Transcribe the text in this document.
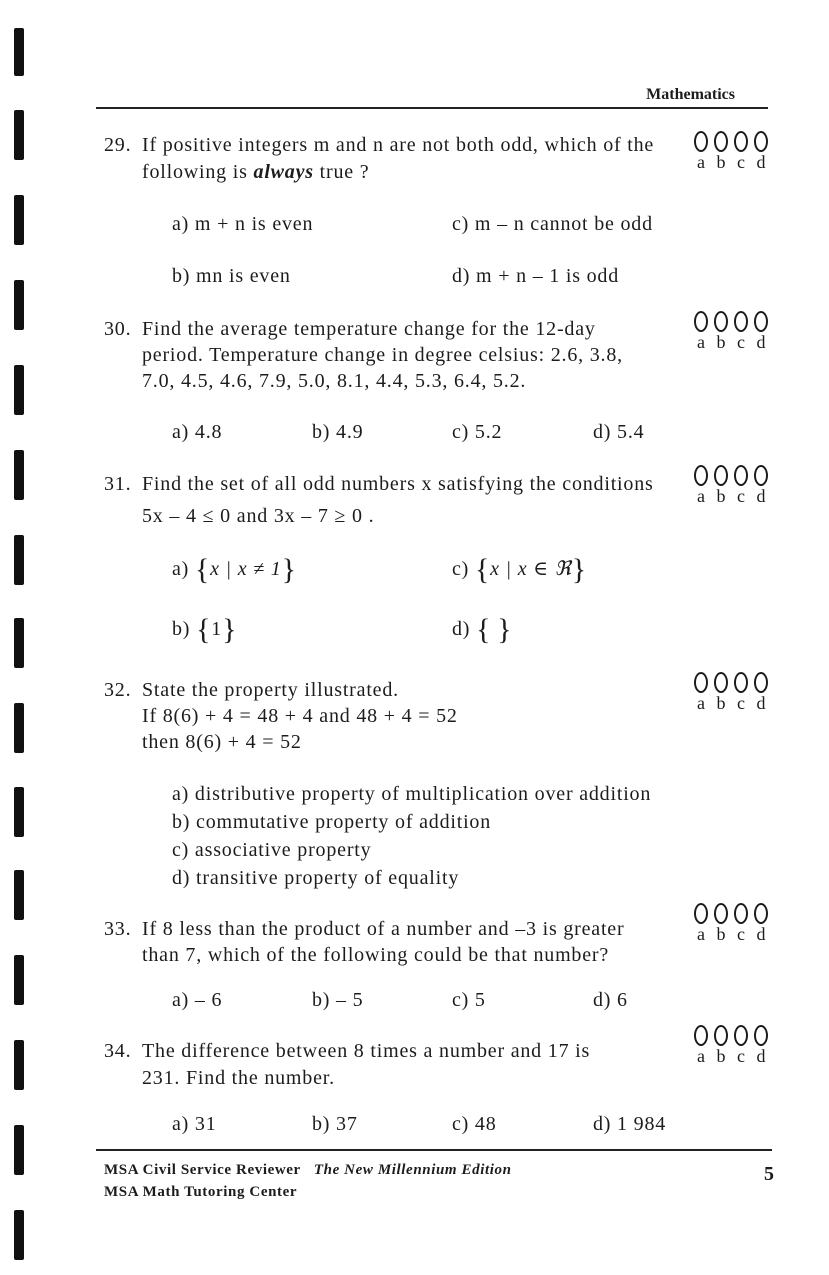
Mathematics
29. If positive integers m and n are not both odd, which of the
following is always true ?	a b c d
a) m + n is even	c) m – n cannot be odd
b) mn is even	d) m + n – 1 is odd
30. Find the average temperature change for the 12-day
period. Temperature change in degree celsius: 2.6, 3.8,
7.0, 4.5, 4.6, 7.9, 5.0, 8.1, 4.4, 5.3, 6.4, 5.2.
a b c d
a) 4.8	b) 4.9	c) 5.2	d) 5.4
31. Find the set of all odd numbers x satisfying the conditions
5x – 4 ≤ 0 and 3x – 7 ≥ 0 .
a b c d
a) {x | x ≠ 1}	c) {x | x ∈ ℜ}
b) {1}	d) { }
32. State the property illustrated.
If 8(6) + 4 = 48 + 4 and 48 + 4 = 52
then 8(6) + 4 = 52
a b c d
a) distributive property of multiplication over addition
b) commutative property of addition
c) associative property
d) transitive property of equality
33. If 8 less than the product of a number and –3 is greater
than 7, which of the following could be that number?
a b c d
a) – 6	b) – 5	c) 5	d) 6
34. The difference between 8 times a number and 17 is
231. Find the number.
a b c d
a) 31	b) 37	c) 48	d) 1 984
MSA Civil Service Reviewer The New Millennium Edition
MSA Math Tutoring Center
5
